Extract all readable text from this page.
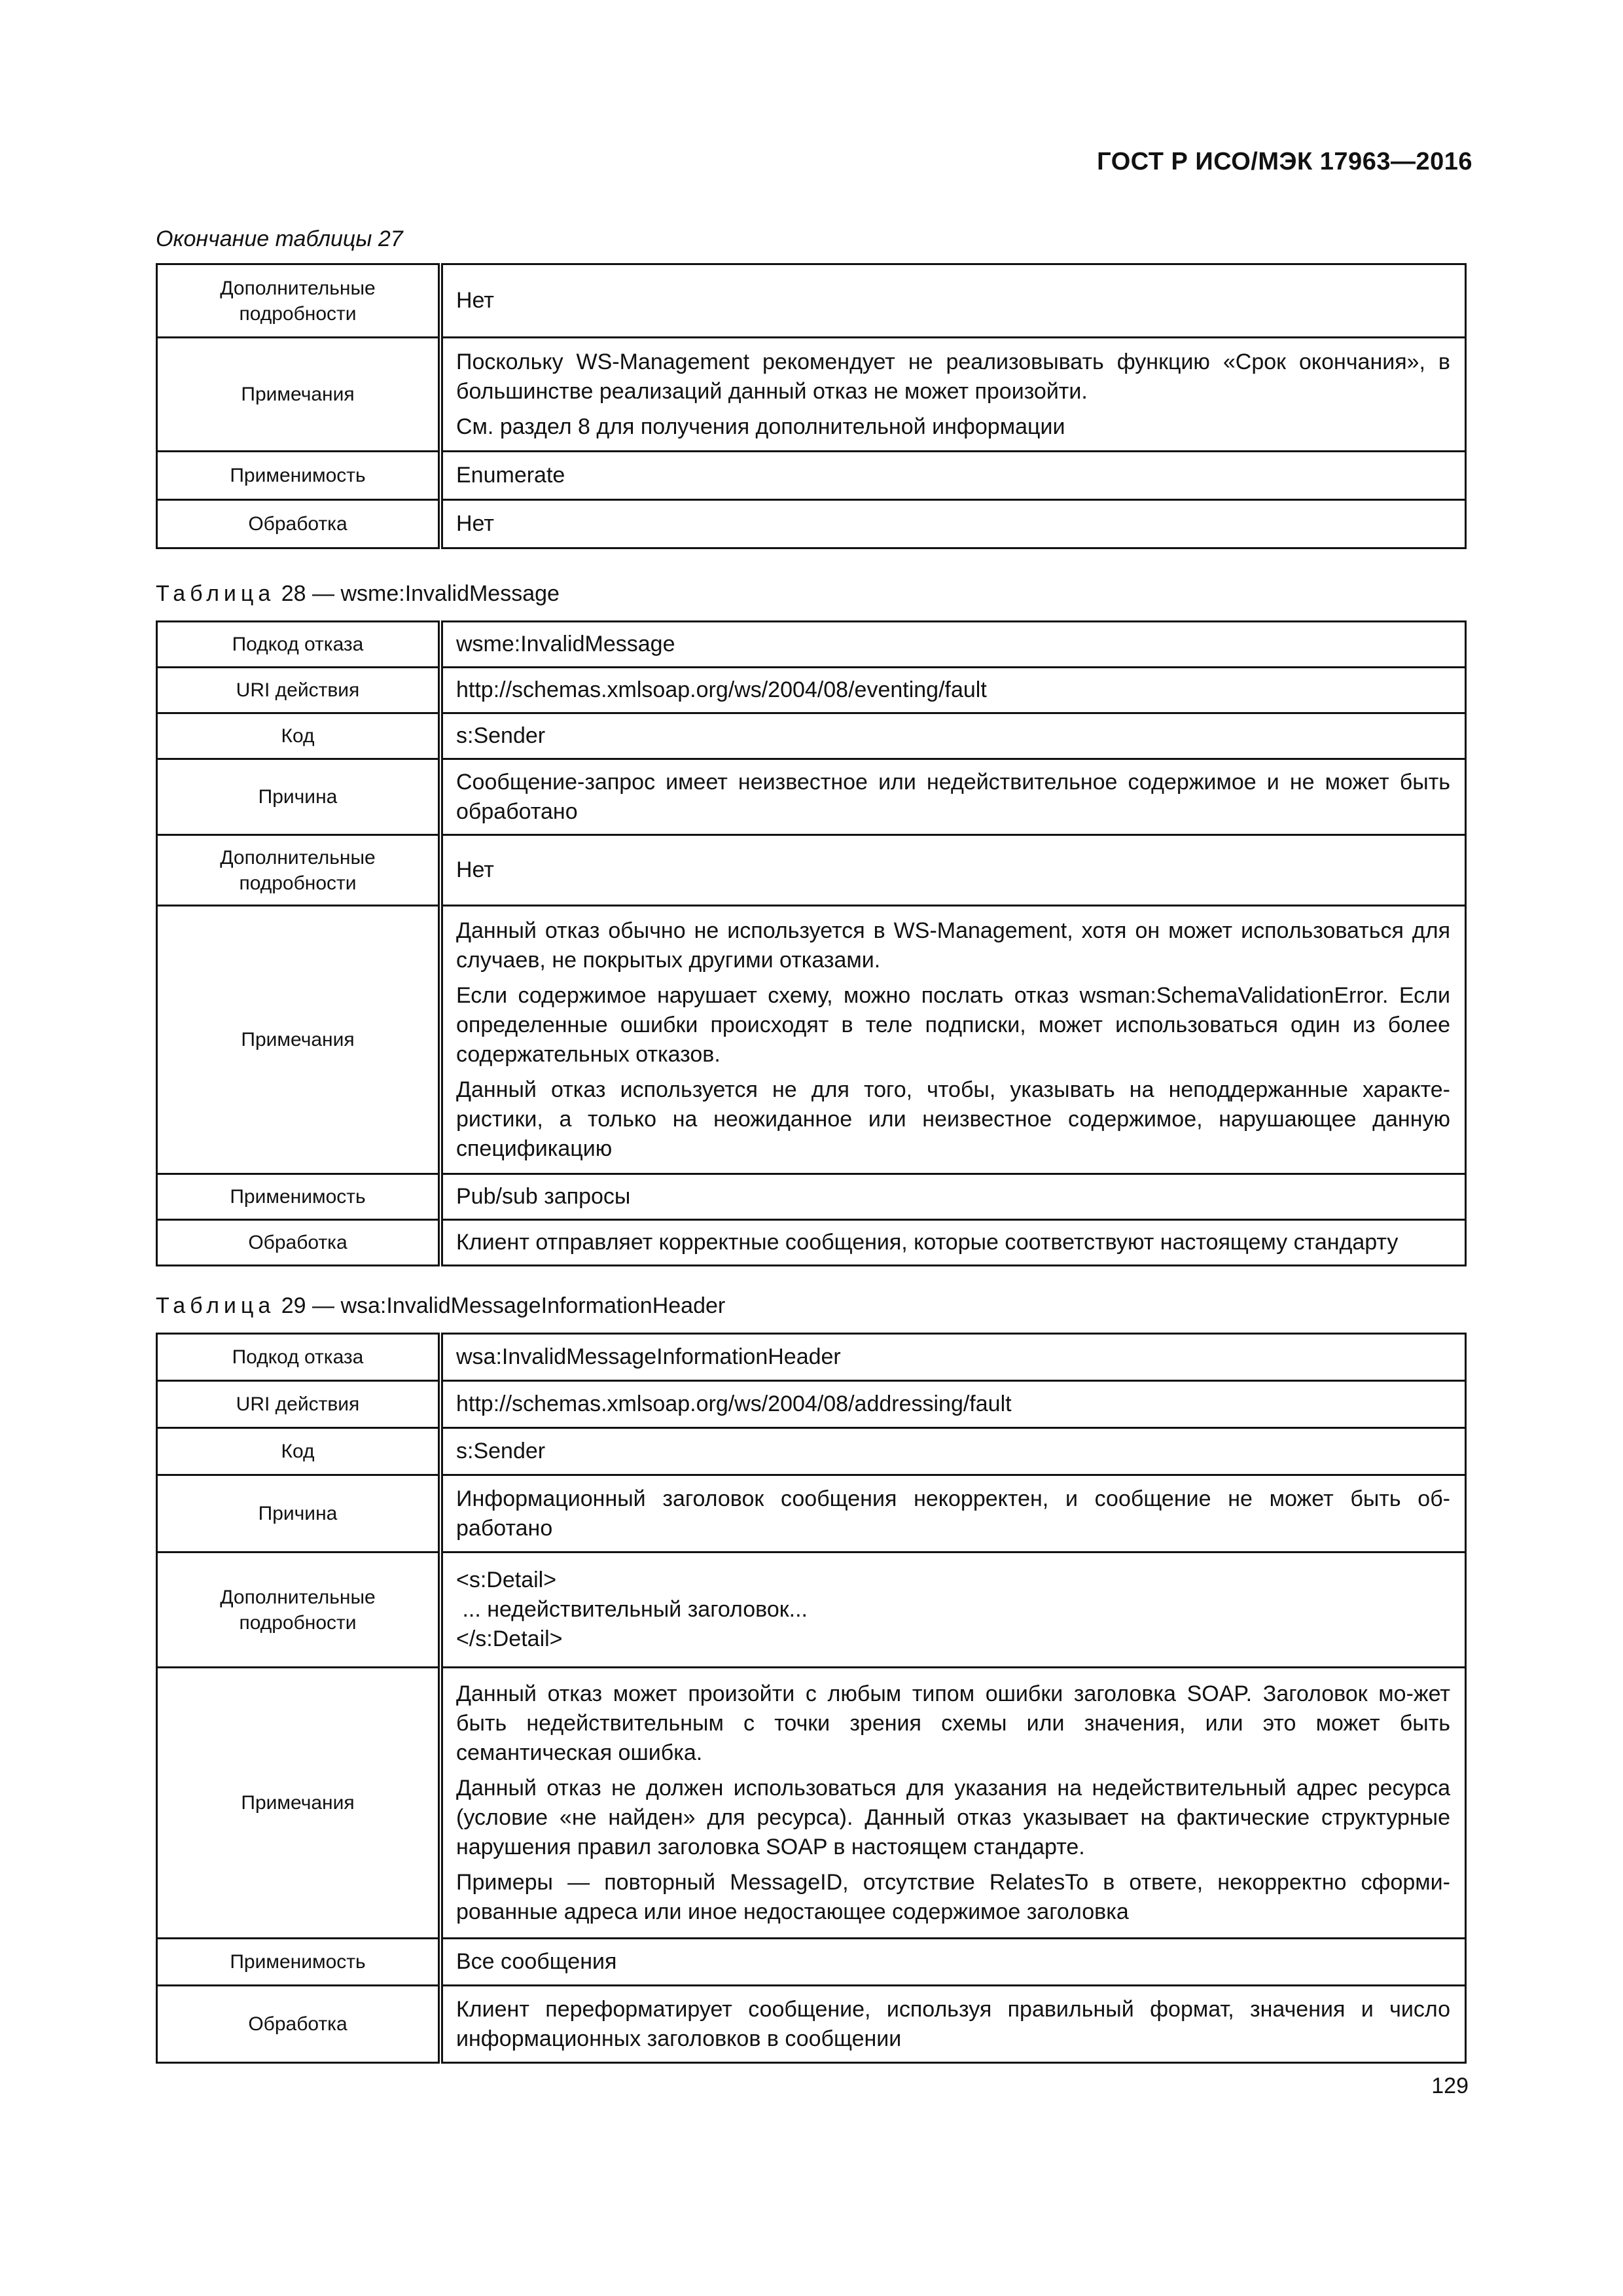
ГОСТ Р ИСО/МЭК 17963—2016
Окончание таблицы 27
Дополнительные подробности	Нет

Примечания	Поскольку WS-Management рекомендует не реализовывать функцию «Срок окончания», в большинстве реализаций данный отказ не может произойти.

См. раздел 8 для получения дополнительной информации

Применимость	Enumerate

Обработка	Нет

Таблица 28 — wsme:InvalidMessage
Подкод отказа	wsme:InvalidMessage

URI действия	http://schemas.xmlsoap.org/ws/2004/08/eventing/fault

Код	s:Sender

Причина	Сообщение-запрос имеет неизвестное или недействительное содержимое и не может быть обработано

Дополнительные подробности	Нет

Примечания	Данный отказ обычно не используется в WS-Management, хотя он может использоваться для случаев, не покрытых другими отказами.

Если содержимое нарушает схему, можно послать отказ wsman:SchemaValidationError. Если определенные ошибки происходят в теле подписки, может использоваться один из более содержательных отказов.

Данный отказ используется не для того, чтобы, указывать на неподдержанные характе-ристики, а только на неожиданное или неизвестное содержимое, нарушающее данную спецификацию

Применимость	Pub/sub запросы

Обработка	Клиент отправляет корректные сообщения, которые соответствуют настоящему стандарту

Таблица 29 — wsa:InvalidMessageInformationHeader
Подкод отказа	wsa:InvalidMessageInformationHeader

URI действия	http://schemas.xmlsoap.org/ws/2004/08/addressing/fault

Код	s:Sender

Причина	Информационный заголовок сообщения некорректен, и сообщение не может быть об-работано

Дополнительные подробности	<s:Detail>

... недействительный заголовок...

</s:Detail>

Примечания	Данный отказ может произойти с любым типом ошибки заголовка SOAP. Заголовок мо-жет быть недействительным с точки зрения схемы или значения, или это может быть семантическая ошибка.

Данный отказ не должен использоваться для указания на недействительный адрес ресурса (условие «не найден» для ресурса). Данный отказ указывает на фактические структурные нарушения правил заголовка SOAP в настоящем стандарте.

Примеры — повторный MessageID, отсутствие RelatesTo в ответе, некорректно сформи-рованные адреса или иное недостающее содержимое заголовка

Применимость	Все сообщения

Обработка	Клиент переформатирует сообщение, используя правильный формат, значения и число информационных заголовков в сообщении

129
